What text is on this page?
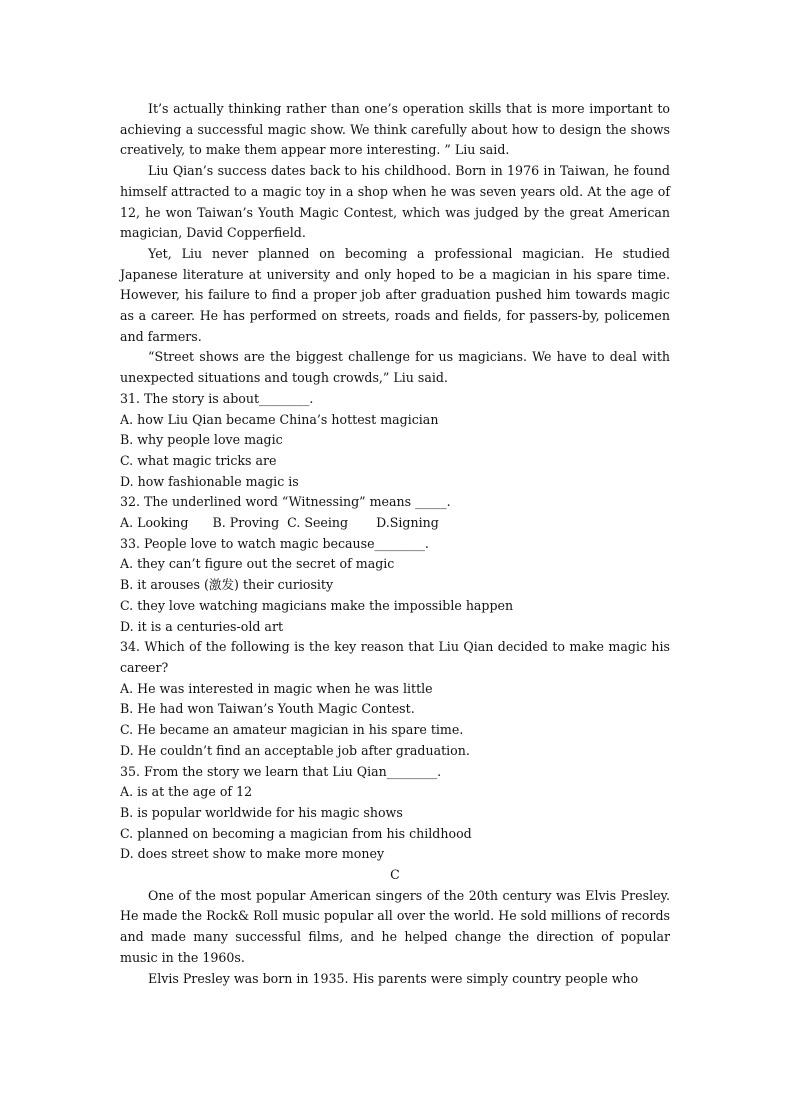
It’s actually thinking rather than one’s operation skills that is more important to achieving a successful magic show. We think carefully about how to design the shows creatively, to make them appear more interesting. ” Liu said.

Liu Qian’s success dates back to his childhood. Born in 1976 in Taiwan, he found himself attracted to a magic toy in a shop when he was seven years old. At the age of 12, he won Taiwan’s Youth Magic Contest, which was judged by the great American magician, David Copperfield.

Yet, Liu never planned on becoming a professional magician. He studied Japanese literature at university and only hoped to be a magician in his spare time. However, his failure to find a proper job after graduation pushed him towards magic as a career. He has performed on streets, roads and fields, for passers-by, policemen and farmers.

“Street shows are the biggest challenge for us magicians. We have to deal with unexpected situations and tough crowds,” Liu said.

31. The story is about________.

A. how Liu Qian became China’s hottest magician

B. why people love magic

C. what magic tricks are

D. how fashionable magic is

32. The underlined word “Witnessing” means _____.

A. Looking      B. Proving  C. Seeing       D.Signing

33. People love to watch magic because________.

A. they can’t figure out the secret of magic

B. it arouses (激发) their curiosity

C. they love watching magicians make the impossible happen

D. it is a centuries-old art

34. Which of the following is the key reason that Liu Qian decided to make magic his career?

A. He was interested in magic when he was little

B. He had won Taiwan’s Youth Magic Contest.

C. He became an amateur magician in his spare time.

D. He couldn’t find an acceptable job after graduation.

35. From the story we learn that Liu Qian________.

A. is at the age of 12

B. is popular worldwide for his magic shows

C. planned on becoming a magician from his childhood

D. does street show to make more money

C

One of the most popular American singers of the 20th century was Elvis Presley. He made the Rock& Roll music popular all over the world. He sold millions of records and made many successful films, and he helped change the direction of popular music in the 1960s.

Elvis Presley was born in 1935. His parents were simply country people who
